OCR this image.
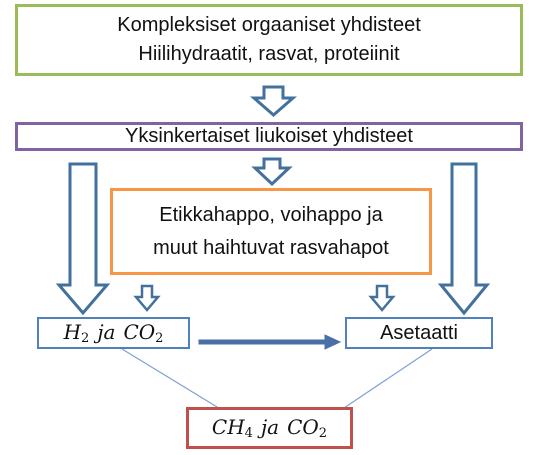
Kompleksiset orgaaniset yhdisteet
Hiilihydraatit, rasvat, proteiinit
Yksinkertaiset liukoiset yhdisteet
Etikkahappo, voihappo ja
muut haihtuvat rasvahapot
$H_2$ ja $CO_2$	Asetaatti
$CH_4$ ja $CO_2$
